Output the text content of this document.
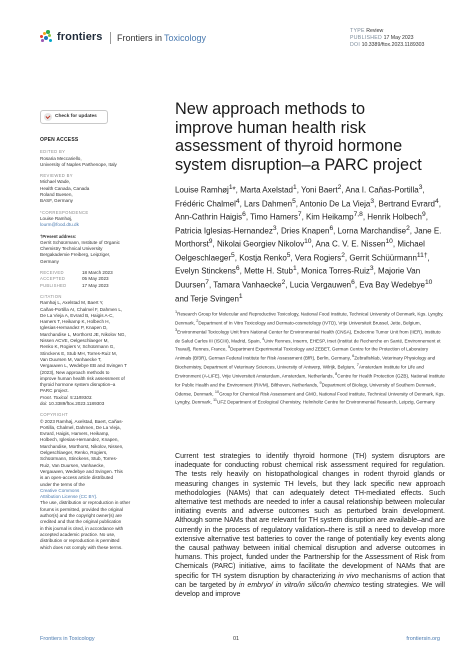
frontiers Frontiers in Toxicology
TYPE Review
PUBLISHED 17 May 2023
DOI 10.3389/ftox.2023.1189303
Check for updates
OPEN ACCESS
EDITED BY
Rosaria Meccariello,
University of Naples Parthenope, Italy
REVIEWED BY
Michael Wade,
Health Canada, Canada
Roland Buesen,
BASF, Germany
*CORRESPONDENCE
Louise Ramhøj,
lourm@food.dtu.dk
†Present address:
Gerrit Schüürmann, Institute of Organic
Chemistry Technical University
Bergakademie Freiberg, Leipziger,
Germany
RECEIVED	18 March 2023
ACCEPTED	05 May 2023
PUBLISHED	17 May 2023
CITATION
Ramhøj L, Axelstad M, Baert Y,
Cañas-Portilla AI, Chalmel F, Dahmen L,
De La Vieja A, Evrard B, Haigis A-C,
Hamers T, Heikamp K, Holbech H,
Iglesias-Hernandez P, Knapen D,
Marchandise L, Morthorst JE, Nikolov NG,
Nissen ACVE, Oelgeschlaeger M,
Renko K, Rogiers V, Schüürmann G,
Stinckens E, Stub MH, Torres-Ruiz M,
Van Duursen M, Vanhaecke T,
Vergauwen L, Wedebye EB and Svingen T
(2023), New approach methods to
improve human health risk assessment of
thyroid hormone system disruption–a
PARC project.
Front. Toxicol. 5:1189303.
doi: 10.3389/ftox.2023.1189303
COPYRIGHT
© 2023 Ramhøj, Axelstad, Baert, Cañas-
Portilla, Chalmel, Dahmen, De La Vieja,
Evrard, Haigis, Hamers, Heikamp,
Holbech, Iglesias-Hernandez, Knapen,
Marchandise, Morthorst, Nikolov, Nissen,
Oelgeschlaeger, Renko, Rogiers,
Schüürmann, Stinckens, Stub, Torres-
Ruiz, Van Duursen, Vanhaecke,
Vergauwen, Wedebye and Svingen. This
is an open-access article distributed
under the terms of the
Creative Commons
Attribution License (CC BY).
The use, distribution or reproduction in other
forums is permitted, provided the original
author(s) and the copyright owner(s) are
credited and that the original publication
in this journal is cited, in accordance with
accepted academic practice. No use,
distribution or reproduction is permitted
which does not comply with these terms.
New approach methods to
improve human health risk
assessment of thyroid hormone
system disruption–a PARC project
Louise Ramhøj$^1$*, Marta Axelstad$^1$, Yoni Baert$^2$, Ana I. Cañas-Portilla$^3$, Frédéric Chalmel$^4$, Lars Dahmen$^5$, Antonio De La Vieja$^3$, Bertrand Evrard$^4$, Ann-Cathrin Haigis$^6$, Timo Hamers$^7$, Kim Heikamp$^{7,8}$, Henrik Holbech$^9$, Patricia Iglesias-Hernandez$^3$, Dries Knapen$^6$, Lorna Marchandise$^2$, Jane E. Morthorst$^9$, Nikolai Georgiev Nikolov$^{10}$, Ana C. V. E. Nissen$^{10}$, Michael Oelgeschlaeger$^5$, Kostja Renko$^5$, Vera Rogiers$^2$, Gerrit Schüürmann$^{11\dagger}$, Evelyn Stinckens$^6$, Mette H. Stub$^1$, Monica Torres-Ruiz$^3$, Majorie Van Duursen$^7$, Tamara Vanhaecke$^2$, Lucia Vergauwen$^6$, Eva Bay Wedebye$^{10}$ and Terje Svingen$^1$
$^1$Research Group for Molecular and Reproductive Toxicology, National Food Institute, Technical University of Denmark, Kgs. Lyngby, Denmark, $^2$Department of In Vitro Toxicology and Dermato-cosmetology (IVTD), Vrije Universiteit Brussel, Jette, Belgium, $^3$Environmental Toxicology Unit from National Center for Environmental Health (CNSA), Endocrine Tumor Unit from (IIER), Instituto de Salud Carlos III (ISCIII), Madrid, Spain, $^4$Univ Rennes, Inserm, EHESP, Irset (Institut de Recherche en Santé, Environnement et Travail), Rennes, France, $^5$Department Experimental Toxicology and ZEBET, German Centre for the Protection of Laboratory Animals (Bf3R), German Federal Institute for Risk Assessment (BfR), Berlin, Germany, $^6$Zebrafishlab, Veterinary Physiology and Biochemistry, Department of Veterinary Sciences, University of Antwerp, Wilrijk, Belgium, $^7$Amsterdam Institute for Life and Environment (A-LIFE), Vrije Universiteit Amsterdam, Amsterdam, Netherlands, $^8$Centre for Health Protection (GZB), National Institute for Public Health and the Environment (RIVM), Bilthoven, Netherlands, $^9$Department of Biology, University of Southern Denmark, Odense, Denmark, $^{10}$Group for Chemical Risk Assessment and GMO, National Food Institute, Technical University of Denmark, Kgs. Lyngby, Denmark, $^{11}$UFZ Department of Ecological Chemistry, Helmholtz Centre for Environmental Research, Leipzig, Germany
Current test strategies to identify thyroid hormone (TH) system disruptors are inadequate for conducting robust chemical risk assessment required for regulation. The tests rely heavily on histopathological changes in rodent thyroid glands or measuring changes in systemic TH levels, but they lack specific new approach methodologies (NAMs) that can adequately detect TH-mediated effects. Such alternative test methods are needed to infer a causal relationship between molecular initiating events and adverse outcomes such as perturbed brain development. Although some NAMs that are relevant for TH system disruption are available–and are currently in the process of regulatory validation–there is still a need to develop more extensive alternative test batteries to cover the range of potentially key events along the causal pathway between initial chemical disruption and adverse outcomes in humans. This project, funded under the Partnership for the Assessment of Risk from Chemicals (PARC) initiative, aims to facilitate the development of NAMs that are specific for TH system disruption by characterizing in vivo mechanisms of action that can be targeted by in embryo/ in vitro/in silico/in chemico testing strategies. We will develop and improve
Frontiers in Toxicology	01	frontiersin.org
